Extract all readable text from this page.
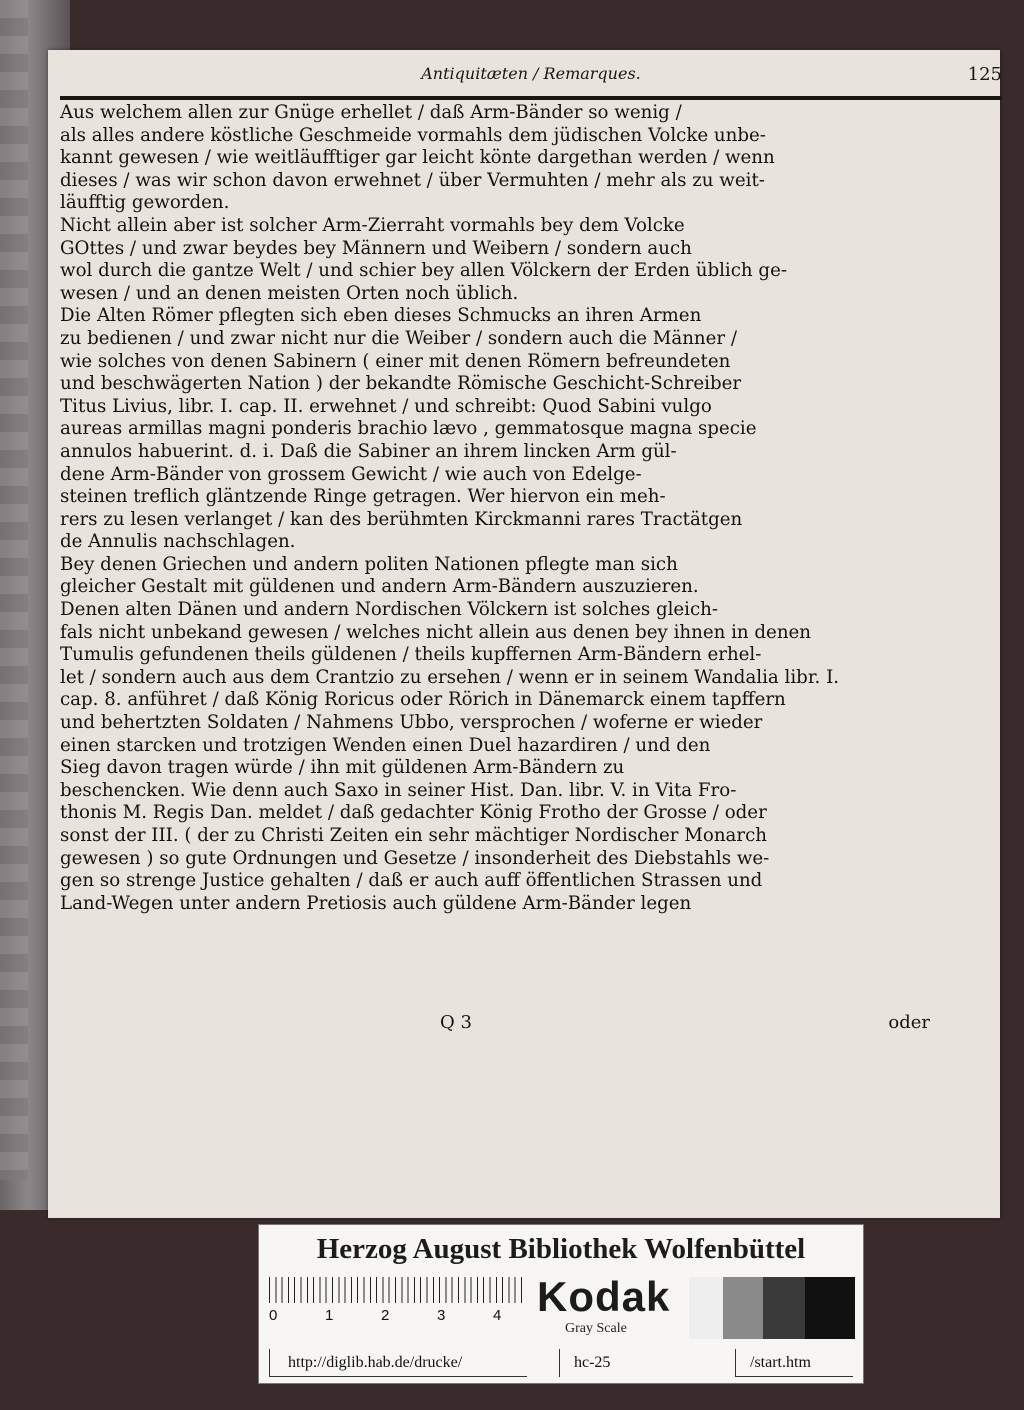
Antiquitæten / Remarques.	125
Aus welchem allen zur Gnüge erhellet / daß Arm-Bänder so wenig /
als alles andere köstliche Geschmeide vormahls dem jüdischen Volcke unbe-
kannt gewesen / wie weitläufftiger gar leicht könte dargethan werden / wenn
dieses / was wir schon davon erwehnet / über Vermuhten / mehr als zu weit-
läufftig geworden.
Nicht allein aber ist solcher Arm-Zierraht vormahls bey dem Volcke
GOttes / und zwar beydes bey Männern und Weibern / sondern auch
wol durch die gantze Welt / und schier bey allen Völckern der Erden üblich ge-
wesen / und an denen meisten Orten noch üblich.
Die Alten Römer pflegten sich eben dieses Schmucks an ihren Armen
zu bedienen / und zwar nicht nur die Weiber / sondern auch die Männer /
wie solches von denen Sabinern ( einer mit denen Römern befreundeten
und beschwägerten Nation ) der bekandte Römische Geschicht-Schreiber
Titus Livius, libr. I. cap. II. erwehnet / und schreibt: Quod Sabini vulgo
aureas armillas magni ponderis brachio lævo , gemmatosque magna specie
annulos habuerint. d. i. Daß die Sabiner an ihrem lincken Arm gül-
dene Arm-Bänder von grossem Gewicht / wie auch von Edelge-
steinen treflich gläntzende Ringe getragen. Wer hiervon ein meh-
rers zu lesen verlanget / kan des berühmten Kirckmanni rares Tractätgen
de Annulis nachschlagen.
Bey denen Griechen und andern politen Nationen pflegte man sich
gleicher Gestalt mit güldenen und andern Arm-Bändern auszuzieren.
Denen alten Dänen und andern Nordischen Völckern ist solches gleich-
fals nicht unbekand gewesen / welches nicht allein aus denen bey ihnen in denen
Tumulis gefundenen theils güldenen / theils kupffernen Arm-Bändern erhel-
let / sondern auch aus dem Crantzio zu ersehen / wenn er in seinem Wandalia libr. I.
cap. 8. anführet / daß König Roricus oder Rörich in Dänemarck einem tapffern
und behertzten Soldaten / Nahmens Ubbo, versprochen / woferne er wieder
einen starcken und trotzigen Wenden einen Duel hazardiren / und den
Sieg davon tragen würde / ihn mit güldenen Arm-Bändern zu
beschencken. Wie denn auch Saxo in seiner Hist. Dan. libr. V. in Vita Fro-
thonis M. Regis Dan. meldet / daß gedachter König Frotho der Grosse / oder
sonst der III. ( der zu Christi Zeiten ein sehr mächtiger Nordischer Monarch
gewesen ) so gute Ordnungen und Gesetze / insonderheit des Diebstahls we-
gen so strenge Justice gehalten / daß er auch auff öffentlichen Strassen und
Land-Wegen unter andern Pretiosis auch güldene Arm-Bänder legen
Q 3	oder
Herzog August Bibliothek Wolfenbüttel
0	1	2	3	4 Kodak
Gray Scale
http://diglib.hab.de/drucke/	hc-25	/start.htm
